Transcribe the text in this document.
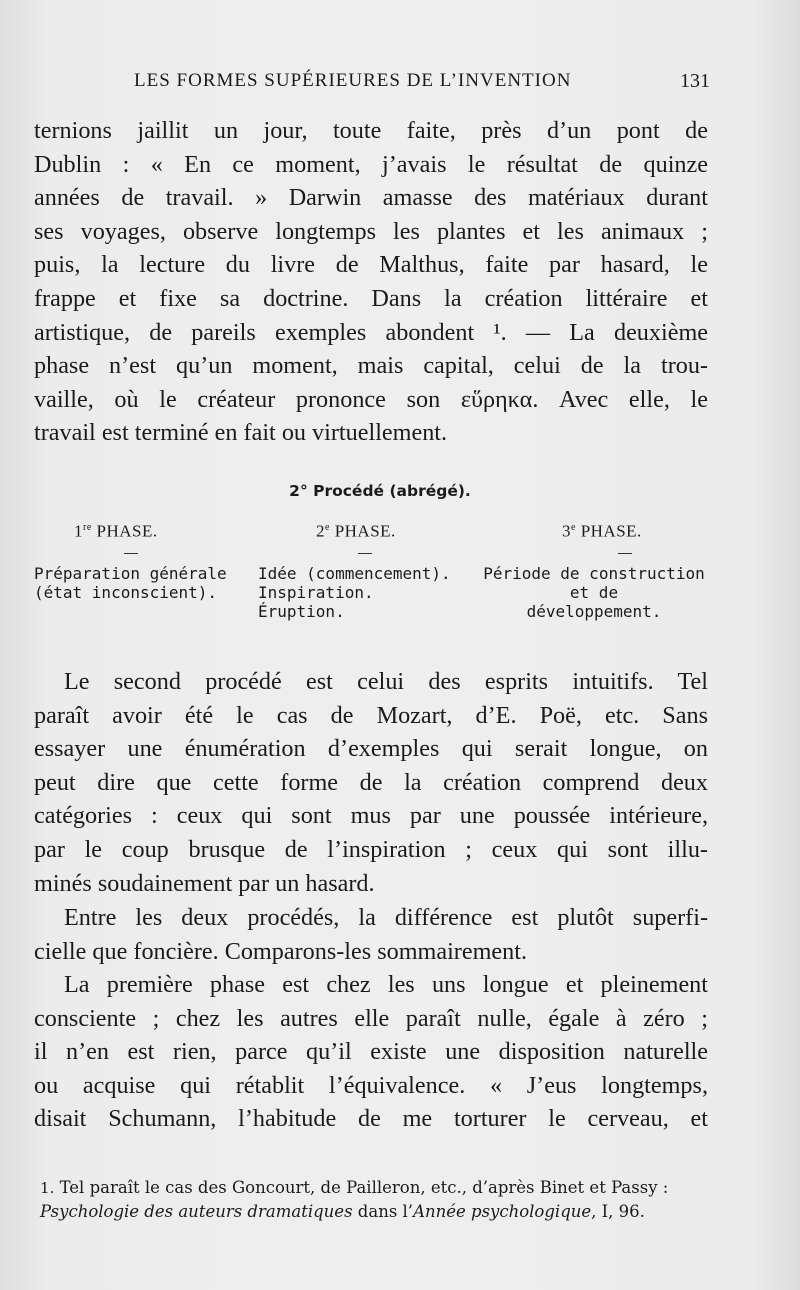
LES FORMES SUPÉRIEURES DE L’INVENTION	131
ternions jaillit un jour, toute faite, près d’un pont de
Dublin : « En ce moment, j’avais le résultat de quinze
années de travail. » Darwin amasse des matériaux durant
ses voyages, observe longtemps les plantes et les animaux ;
puis, la lecture du livre de Malthus, faite par hasard, le
frappe et fixe sa doctrine. Dans la création littéraire et
artistique, de pareils exemples abondent ¹. — La deuxième
phase n’est qu’un moment, mais capital, celui de la trou-
vaille, où le créateur prononce son εὕρηκα. Avec elle, le
travail est terminé en fait ou virtuellement.
2° Procédé (abrégé).
1re PHASE.
Préparation générale
(état inconscient).
2e PHASE.
Idée (commencement).
Inspiration.
Éruption.
3e PHASE.
Période de construction
et de
développement.
Le second procédé est celui des esprits intuitifs. Tel
paraît avoir été le cas de Mozart, d’E. Poë, etc. Sans
essayer une énumération d’exemples qui serait longue, on
peut dire que cette forme de la création comprend deux
catégories : ceux qui sont mus par une poussée intérieure,
par le coup brusque de l’inspiration ; ceux qui sont illu-
minés soudainement par un hasard.
Entre les deux procédés, la différence est plutôt superfi-
cielle que foncière. Comparons-les sommairement.
La première phase est chez les uns longue et pleinement
consciente ; chez les autres elle paraît nulle, égale à zéro ;
il n’en est rien, parce qu’il existe une disposition naturelle
ou acquise qui rétablit l’équivalence. « J’eus longtemps,
disait Schumann, l’habitude de me torturer le cerveau, et
1. Tel paraît le cas des Goncourt, de Pailleron, etc., d’après Binet et Passy :
Psychologie des auteurs dramatiques dans l’Année psychologique, I, 96.
